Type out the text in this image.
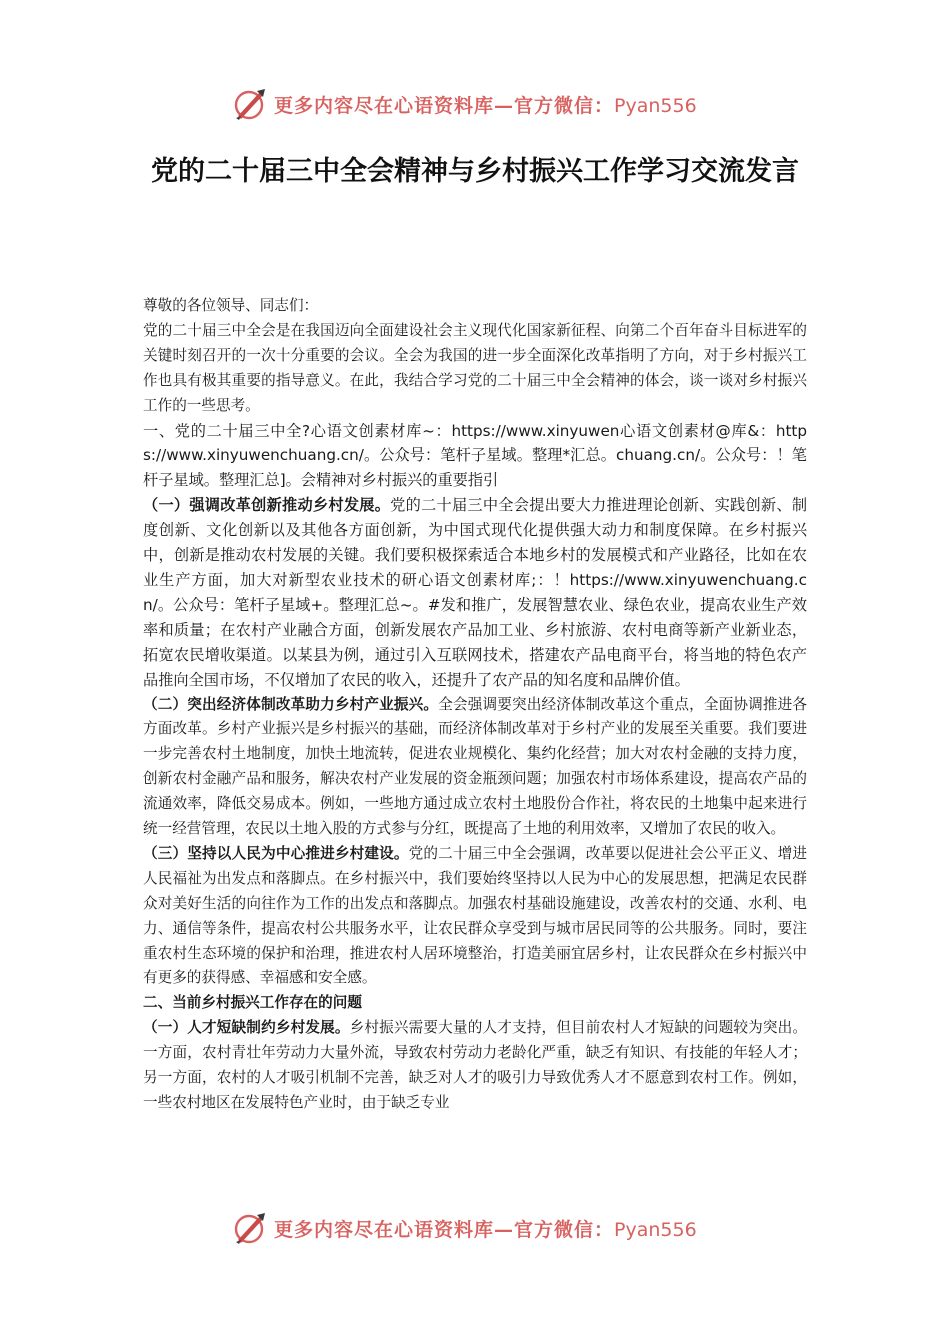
更多内容尽在心语资料库—官方微信：Pyan556
党的二十届三中全会精神与乡村振兴工作学习交流发言

尊敬的各位领导、同志们：

党的二十届三中全会是在我国迈向全面建设社会主义现代化国家新征程、向第二个百年奋斗目标进军的关键时刻召开的一次十分重要的会议。全会为我国的进一步全面深化改革指明了方向，对于乡村振兴工作也具有极其重要的指导意义。在此，我结合学习党的二十届三中全会精神的体会，谈一谈对乡村振兴工作的一些思考。

一、党的二十届三中全?心语文创素材库~：https://www.xinyuwen心语文创素材@库&：https://www.xinyuwenchuang.cn/。公众号：笔杆子星域。整理*汇总。chuang.cn/。公众号：！笔杆子星域。整理汇总]。会精神对乡村振兴的重要指引

（一）强调改革创新推动乡村发展。党的二十届三中全会提出要大力推进理论创新、实践创新、制度创新、文化创新以及其他各方面创新，为中国式现代化提供强大动力和制度保障。在乡村振兴中，创新是推动农村发展的关键。我们要积极探索适合本地乡村的发展模式和产业路径，比如在农业生产方面，加大对新型农业技术的研心语文创素材库;：！https://www.xinyuwenchuang.cn/。公众号：笔杆子星域+。整理汇总~。#发和推广，发展智慧农业、绿色农业，提高农业生产效率和质量；在农村产业融合方面，创新发展农产品加工业、乡村旅游、农村电商等新产业新业态，拓宽农民增收渠道。以某县为例，通过引入互联网技术，搭建农产品电商平台，将当地的特色农产品推向全国市场，不仅增加了农民的收入，还提升了农产品的知名度和品牌价值。

（二）突出经济体制改革助力乡村产业振兴。全会强调要突出经济体制改革这个重点，全面协调推进各方面改革。乡村产业振兴是乡村振兴的基础，而经济体制改革对于乡村产业的发展至关重要。我们要进一步完善农村土地制度，加快土地流转，促进农业规模化、集约化经营；加大对农村金融的支持力度，创新农村金融产品和服务，解决农村产业发展的资金瓶颈问题；加强农村市场体系建设，提高农产品的流通效率，降低交易成本。例如，一些地方通过成立农村土地股份合作社，将农民的土地集中起来进行统一经营管理，农民以土地入股的方式参与分红，既提高了土地的利用效率，又增加了农民的收入。

（三）坚持以人民为中心推进乡村建设。党的二十届三中全会强调，改革要以促进社会公平正义、增进人民福祉为出发点和落脚点。在乡村振兴中，我们要始终坚持以人民为中心的发展思想，把满足农民群众对美好生活的向往作为工作的出发点和落脚点。加强农村基础设施建设，改善农村的交通、水利、电力、通信等条件，提高农村公共服务水平，让农民群众享受到与城市居民同等的公共服务。同时，要注重农村生态环境的保护和治理，推进农村人居环境整治，打造美丽宜居乡村，让农民群众在乡村振兴中有更多的获得感、幸福感和安全感。

二、当前乡村振兴工作存在的问题

（一）人才短缺制约乡村发展。乡村振兴需要大量的人才支持，但目前农村人才短缺的问题较为突出。一方面，农村青壮年劳动力大量外流，导致农村劳动力老龄化严重，缺乏有知识、有技能的年轻人才；另一方面，农村的人才吸引机制不完善，缺乏对人才的吸引力导致优秀人才不愿意到农村工作。例如，一些农村地区在发展特色产业时，由于缺乏专业

更多内容尽在心语资料库—官方微信：Pyan556
